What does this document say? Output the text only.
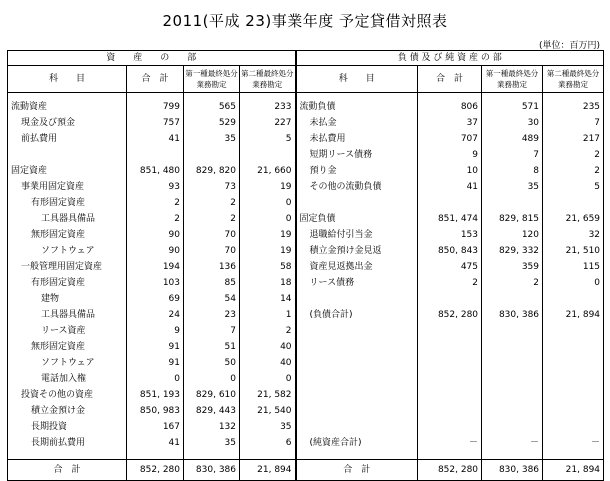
2011(平成 23)事業年度 予定貸借対照表
(単位：百万円)
資　　産　　の　　部				負 債 及 び 純 資 産 の 部			
科　　目	合　計	第一種最終処分業務勘定	第二種最終処分業務勘定	科　　目	合　計	第一種最終処分業務勘定	第二種最終処分業務勘定
流動資産	799	565	233	流動負債	806	571	235
現金及び預金	757	529	227	未払金	37	30	7
前払費用	41	35	5	未払費用	707	489	217
				短期リース債務	9	7	2
固定資産	851, 480	829, 820	21, 660	預り金	10	8	2
事業用固定資産	93	73	19	その他の流動負債	41	35	5
有形固定資産	2	2	0				
工具器具備品	2	2	0	固定負債	851, 474	829, 815	21, 659
無形固定資産	90	70	19	退職給付引当金	153	120	32
ソフトウェア	90	70	19	積立金預け金見返	850, 843	829, 332	21, 510
一般管理用固定資産	194	136	58	資産見返拠出金	475	359	115
有形固定資産	103	85	18	リース債務	2	2	0
建物	69	54	14				
工具器具備品	24	23	1	(負債合計)	852, 280	830, 386	21, 894
リース資産	9	7	2				
無形固定資産	91	51	40				
ソフトウェア	91	50	40				
電話加入権	0	0	0				
投資その他の資産	851, 193	829, 610	21, 582				
積立金預け金	850, 983	829, 443	21, 540				
長期投資	167	132	35				
長期前払費用	41	35	6	(純資産合計)	－	－	－

合　計	852, 280	830, 386	21, 894	合　計	852, 280	830, 386	21, 894
